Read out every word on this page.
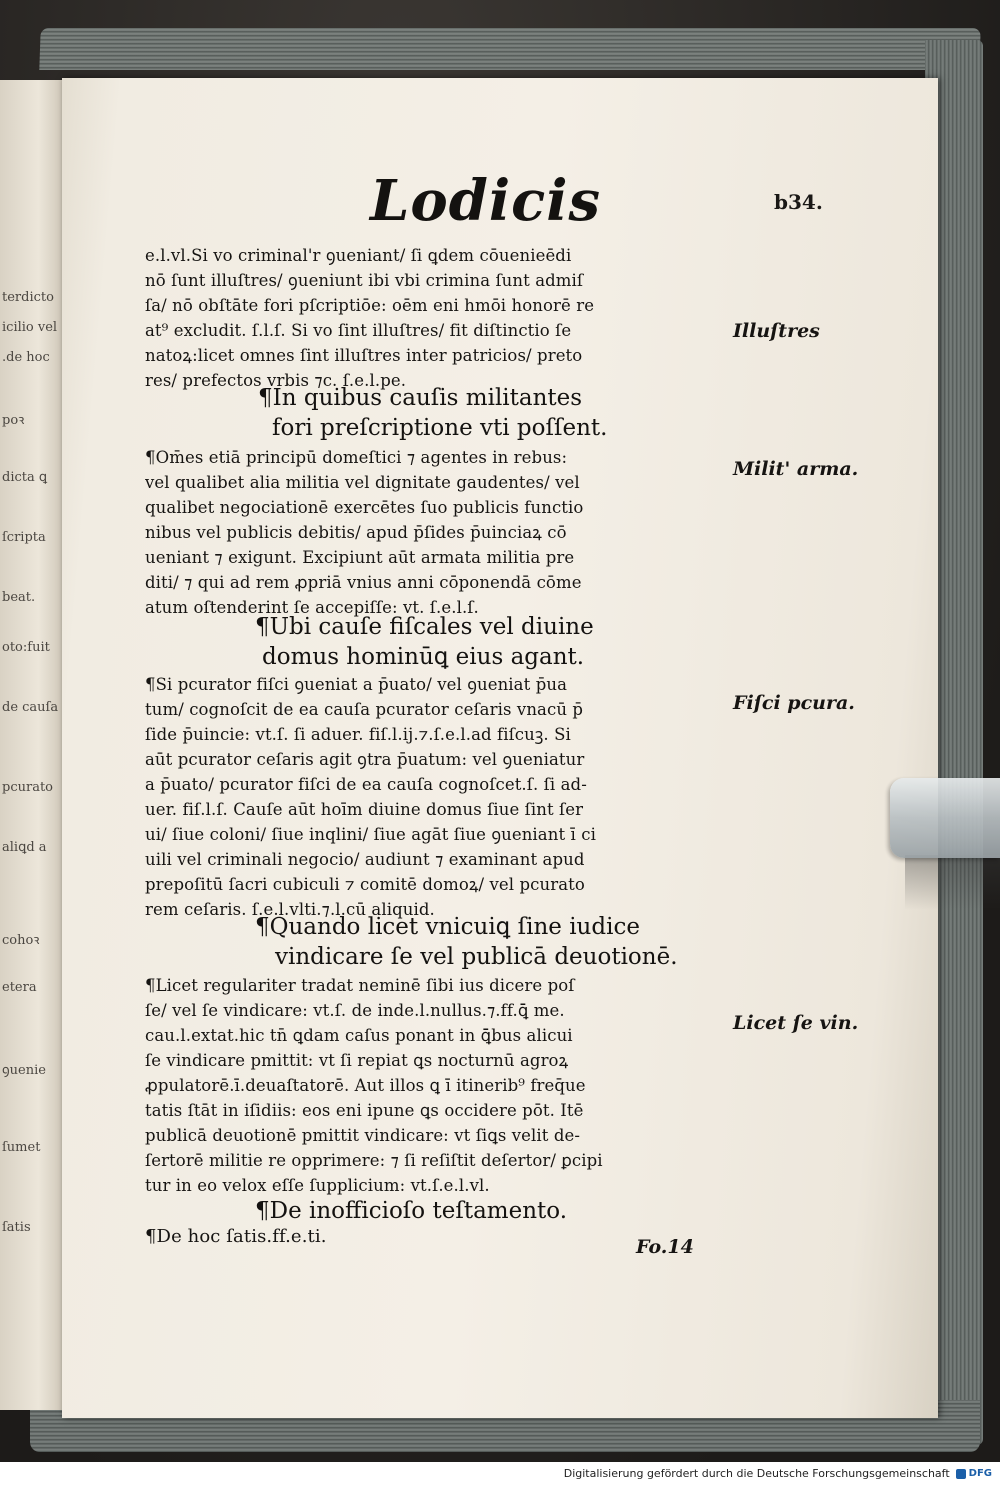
terdicto
icilio vel
.de hoc
poꝛ
dicta ꝗ
ſcripta
beat.
oto:fuit
de cauſa
pcurato
aliꝗd a
cohoꝛ
etera
ꝯuenie
ſumet
ſatis
Lodicis	b34.
e.l.vl.Si vo criminal'r ꝯueniant/ ſi ꝗdem cōuenieēdi
nō ſunt illuſtres/ ꝯueniunt ibi vbi crimina ſunt admiſ
ſa/ nō obſtāte fori pſcriptiōe: oēm eni hmōi honorē re
at⁹ excludit. ſ.l.ſ. Si vo ſint illuſtres/ fit diſtinctio ſe
natoꝝ:licet omnes ſint illuſtres inter patricios/ preto
res/ prefectos vrbis ⁊c. ſ.e.l.pe.
¶In quibus cauſis militantes
fori preſcriptione vti poſſent.
¶Om̄es etiā principū domeſtici ⁊ agentes in rebus:
vel qualibet alia militia vel dignitate gaudentes/ vel
qualibet negociationē exercētes ſuo publicis functio
nibus vel publicis debitis/ apud p̄ſides p̄uinciaꝝ cō
ueniant ⁊ exigunt. Excipiunt aūt armata militia pre
diti/ ⁊ qui ad rem ꝓpriā vnius anni cōponendā cōme
atum oſtenderint ſe accepiſſe: vt. ſ.e.l.ſ.
¶Ubi cauſe fiſcales vel diuine
domus hominūꝗ eius agant.
¶Si pcurator fiſci ꝯueniat a p̄uato/ vel ꝯueniat p̄ua
tum/ cognoſcit de ea cauſa pcurator ceſaris vnacū p̄
ſide p̄uincie: vt.ſ. ſi aduer. fiſ.l.ij.⁊.ſ.e.l.ad fiſcuꝫ. Si
aūt pcurator ceſaris agit ꝯtra p̄uatum: vel ꝯueniatur
a p̄uato/ pcurator fiſci de ea cauſa cognoſcet.ſ. ſi ad-
uer. fiſ.l.ſ. Cauſe aūt hoīm diuine domus ſiue ſint ſer
ui/ ſiue coloni/ ſiue inqlini/ ſiue agāt ſiue ꝯueniant ī ci
uili vel criminali negocio/ audiunt ⁊ examinant apud
prepoſitū ſacri cubiculi ⁊ comitē domoꝝ/ vel pcurato
rem ceſaris. ſ.e.l.vlti.⁊.l.cū aliquid.
¶Quando licet vnicuiꝗ ſine iudice
vindicare ſe vel publicā deuotionē.
¶Licet regulariter tradat neminē ſibi ius dicere poſ
ſe/ vel ſe vindicare: vt.ſ. de inde.l.nullus.⁊.ff.ꝗ̄ me.
cau.l.extat.hic tn̄ ꝗdam caſus ponant in ꝗ̄bus alicui
ſe vindicare pmittit: vt ſi repiat ꝗs nocturnū agroꝝ
ꝓpulatorē.ī.deuaſtatorē. Aut illos ꝗ ī itinerib⁹ freq̄ue
tatis ſtāt in iſidiis: eos eni ipune ꝗs occidere pōt. Itē
publicā deuotionē pmittit vindicare: vt ſiꝗs velit de-
ſertorē militie re opprimere: ⁊ ſi reſiſtit deſertor/ ꝑcipi
tur in eo velox eſſe ſupplicium: vt.ſ.e.l.vl.
¶De inofficioſo teſtamento.
¶De hoc ſatis.ff.e.ti.	Fo.14
Illuſtres
Milit' arma.
Fiſci pcura.
Licet ſe vin.
Digitalisierung gefördert durch die Deutsche Forschungsgemeinschaft DFG
